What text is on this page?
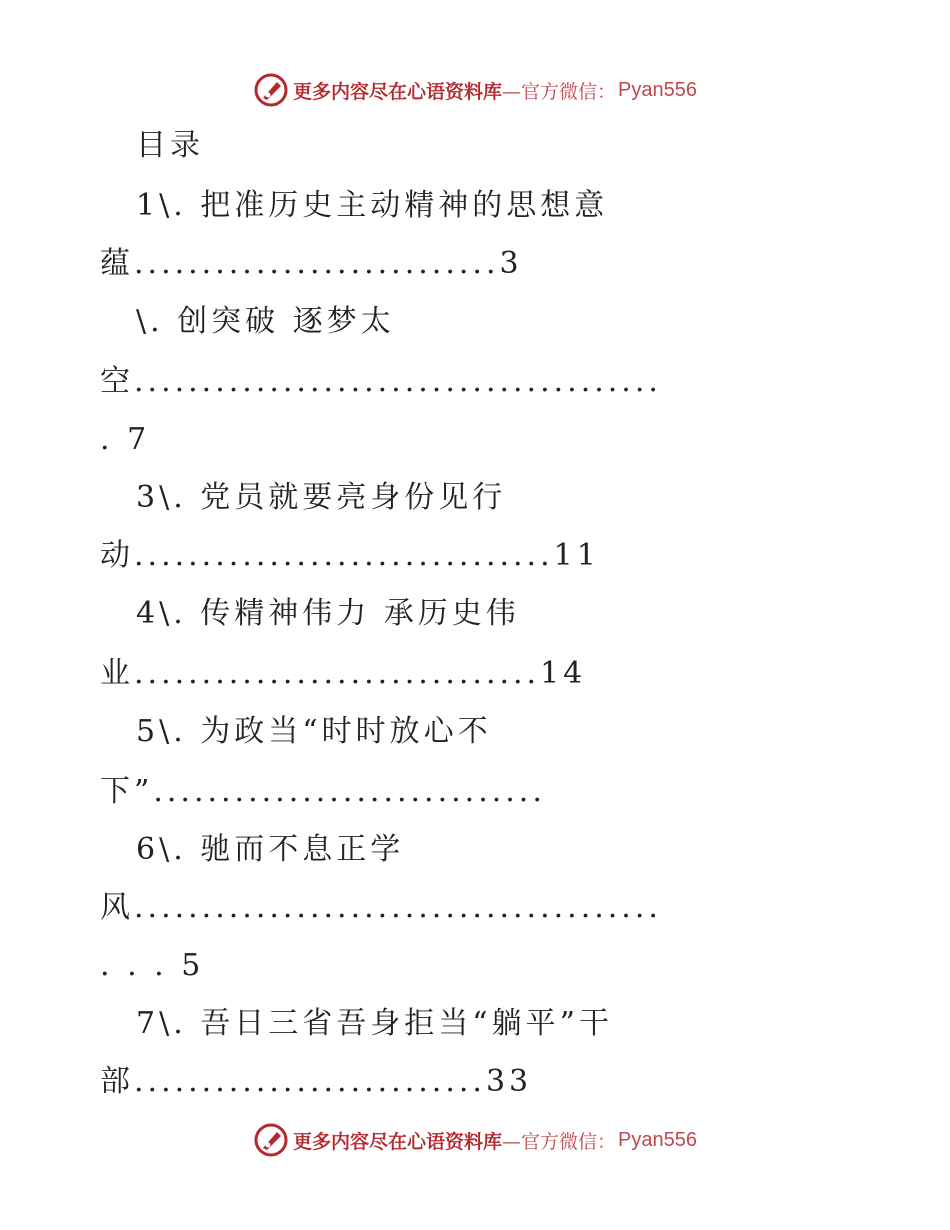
更多内容尽在心语资料库 —官方微信： Pyan556
目录
1\. 把准历史主动精神的思想意
蕴...........................3
\. 创突破 逐梦太
空.......................................
. 7
3\. 党员就要亮身份见行
动...............................11
4\. 传精神伟力 承历史伟
业..............................14
5\. 为政当“时时放心不
下”.............................
6\. 驰而不息正学
风.......................................
. . . 5
7\. 吾日三省吾身拒当“躺平”干
部..........................33
更多内容尽在心语资料库 —官方微信： Pyan556
